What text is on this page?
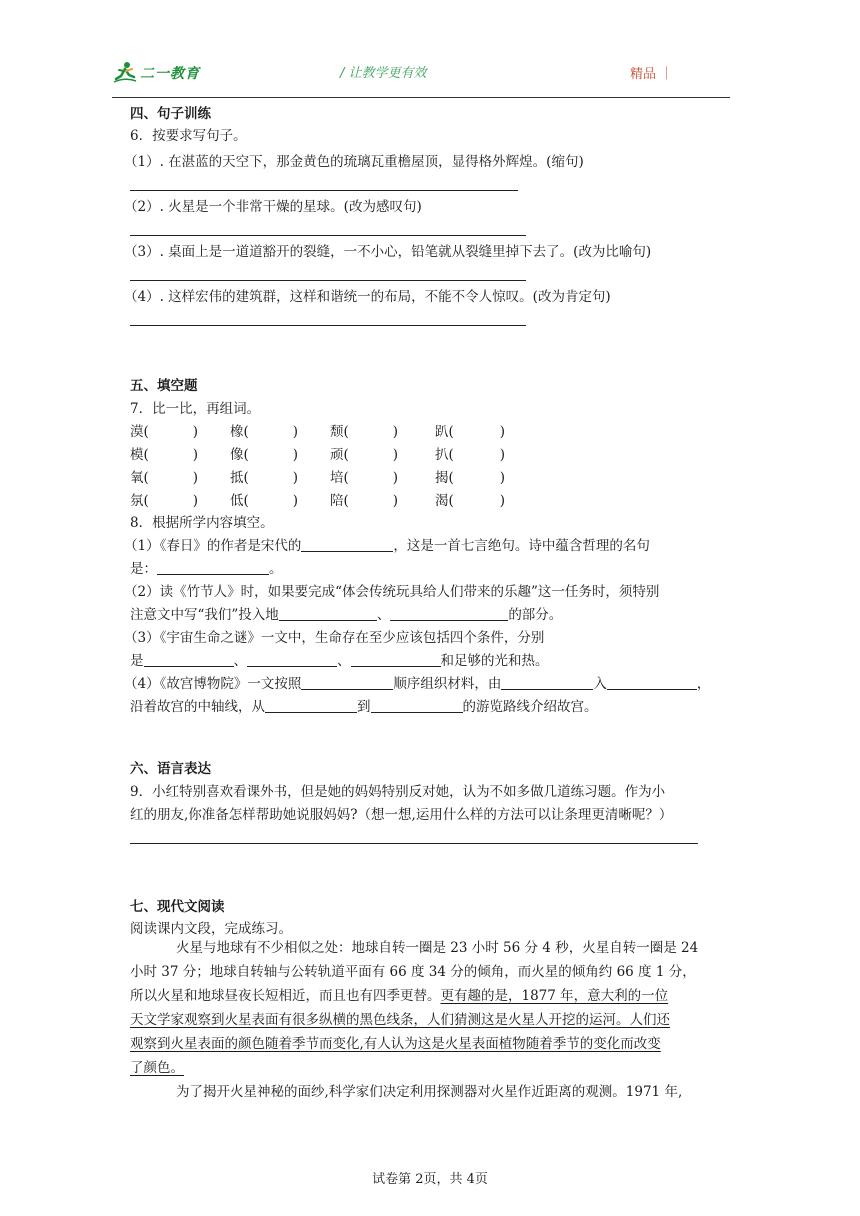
二一教育	/ 让教学更有效	精品 ｜
四、句子训练
6．按要求写句子。
（1）. 在湛蓝的天空下，那金黄色的琉璃瓦重檐屋顶，显得格外辉煌。(缩句)
（2）. 火星是一个非常干燥的星球。(改为感叹句)
（3）. 桌面上是一道道豁开的裂缝，一不小心，铅笔就从裂缝里掉下去了。(改为比喻句)
（4）. 这样宏伟的建筑群，这样和谐统一的布局，不能不令人惊叹。(改为肯定句)
五、填空题
7．比一比，再组词。
漠(	) 橡(	) 颓(	)	趴(	)
模(	) 像(	) 顽(	)	扒(	)
氧(	) 抵(	) 培(	)	揭(	)
氛(	) 低(	) 陪(	)	渴(	)
8．根据所学内容填空。
（1）《春日》的作者是宋代的	，这是一首七言绝句。诗中蕴含哲理的名句
是：	。
（2）读《竹节人》时，如果要完成“体会传统玩具给人们带来的乐趣”这一任务时，须特别
注意文中写“我们”投入地	、	的部分。
（3）《宇宙生命之谜》一文中，生命存在至少应该包括四个条件，分别
是	、	、	和足够的光和热。
（4）《故宫博物院》一文按照	顺序组织材料，由	入	，
沿着故宫的中轴线，从	到	的游览路线介绍故宫。
六、语言表达
9．小红特别喜欢看课外书，但是她的妈妈特别反对她，认为不如多做几道练习题。作为小
红的朋友,你准备怎样帮助她说服妈妈?（想一想,运用什么样的方法可以让条理更清晰呢？）
七、现代文阅读
阅读课内文段，完成练习。
火星与地球有不少相似之处：地球自转一圈是 23 小时 56 分 4 秒，火星自转一圈是 24
小时 37 分；地球自转轴与公转轨道平面有 66 度 34 分的倾角，而火星的倾角约 66 度 1 分，
所以火星和地球昼夜长短相近，而且也有四季更替。更有趣的是，1877 年，意大利的一位
天文学家观察到火星表面有很多纵横的黑色线条，人们猜测这是火星人开挖的运河。人们还
观察到火星表面的颜色随着季节而变化,有人认为这是火星表面植物随着季节的变化而改变
了颜色。
为了揭开火星神秘的面纱,科学家们决定利用探测器对火星作近距离的观测。1971 年,
试卷第 2页，共 4页
